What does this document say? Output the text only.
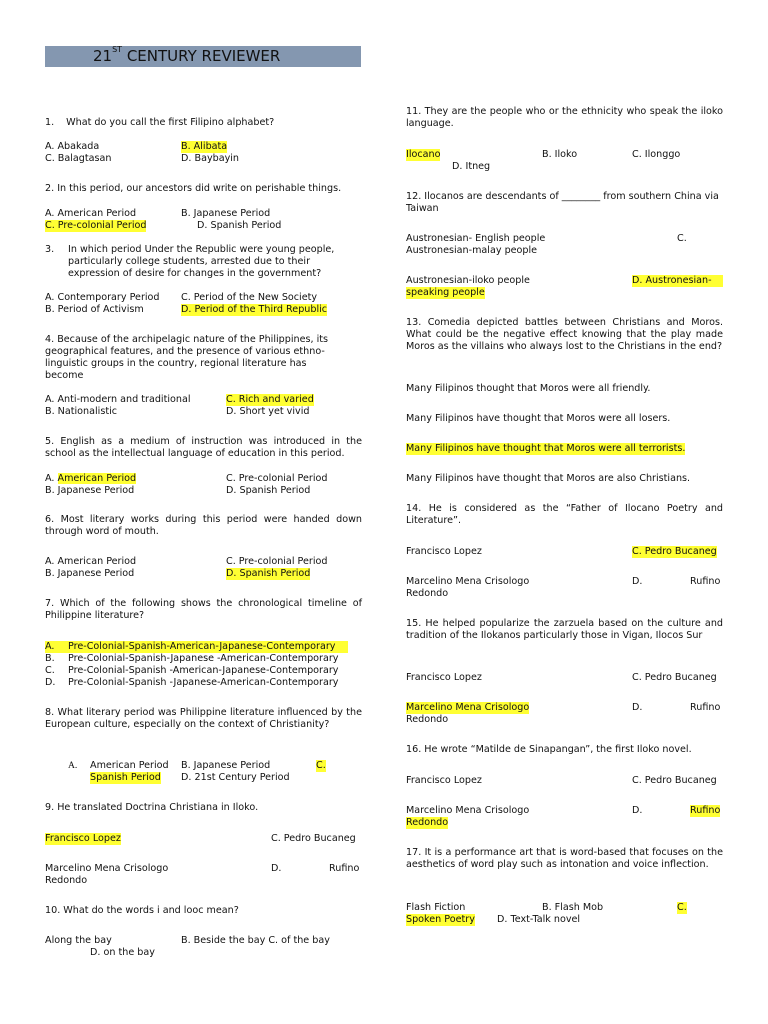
21ST CENTURY REVIEWER
1. What do you call the first Filipino alphabet?
A. Abakada	B. Alibata
C. Balagtasan	D. Baybayin
2. In this period, our ancestors did write on perishable things.
A. American Period	B. Japanese Period
C. Pre-colonial Period	D. Spanish Period
3. In which period Under the Republic were young people, particularly college students, arrested due to their expression of desire for changes in the government?
A. Contemporary Period C. Period of the New Society
B. Period of Activism	D. Period of the Third Republic
4. Because of the archipelagic nature of the Philippines, its geographical features, and the presence of various ethno-linguistic groups in the country, regional literature has become
A. Anti-modern and traditional	C. Rich and varied
B. Nationalistic	D. Short yet vivid
5. English as a medium of instruction was introduced in the school as the intellectual language of education in this period.
A. American Period	C. Pre-colonial Period
B. Japanese Period	D. Spanish Period
6. Most literary works during this period were handed down through word of mouth.
A. American Period	C. Pre-colonial Period
B. Japanese Period	D. Spanish Period
7. Which of the following shows the chronological timeline of Philippine literature?
A. Pre-Colonial-Spanish-American-Japanese-Contemporary
B. Pre-Colonial-Spanish-Japanese -American-Contemporary
C. Pre-Colonial-Spanish -American-Japanese-Contemporary
D. Pre-Colonial-Spanish -Japanese-American-Contemporary
8. What literary period was Philippine literature influenced by the European culture, especially on the context of Christianity?
A. American Period B. Japanese Period	C.
Spanish Period D. 21st Century Period
9. He translated Doctrina Christiana in Iloko.
Francisco Lopez	C. Pedro Bucaneg
Marcelino Mena Crisologo	D.	Rufino
Redondo
10. What do the words i and looc mean?
Along the bay	B. Beside the bay C. of the bay
D. on the bay
11. They are the people who or the ethnicity who speak the iloko language.
Ilocano	B. Iloko	C. Ilonggo
D. Itneg
12. Ilocanos are descendants of ________ from southern China via Taiwan
Austronesian- English people	C.
Austronesian-malay people
Austronesian-iloko people	D. Austronesian-
speaking people
13. Comedia depicted battles between Christians and Moros. What could be the negative effect knowing that the play made Moros as the villains who always lost to the Christians in the end?
Many Filipinos thought that Moros were all friendly.
Many Filipinos have thought that Moros were all losers.
Many Filipinos have thought that Moros were all terrorists.
Many Filipinos have thought that Moros are also Christians.
14. He is considered as the “Father of Ilocano Poetry and Literature”.
Francisco Lopez	C. Pedro Bucaneg
Marcelino Mena Crisologo	D.	Rufino
Redondo
15. He helped popularize the zarzuela based on the culture and tradition of the Ilokanos particularly those in Vigan, Ilocos Sur
Francisco Lopez	C. Pedro Bucaneg
Marcelino Mena Crisologo	D.	Rufino
Redondo
16. He wrote “Matilde de Sinapangan”, the first Iloko novel.
Francisco Lopez	C. Pedro Bucaneg
Marcelino Mena Crisologo	D.	Rufino
Redondo
17. It is a performance art that is word-based that focuses on the aesthetics of word play such as intonation and voice inflection.
Flash Fiction	B. Flash Mob	C.
Spoken Poetry D. Text-Talk novel
